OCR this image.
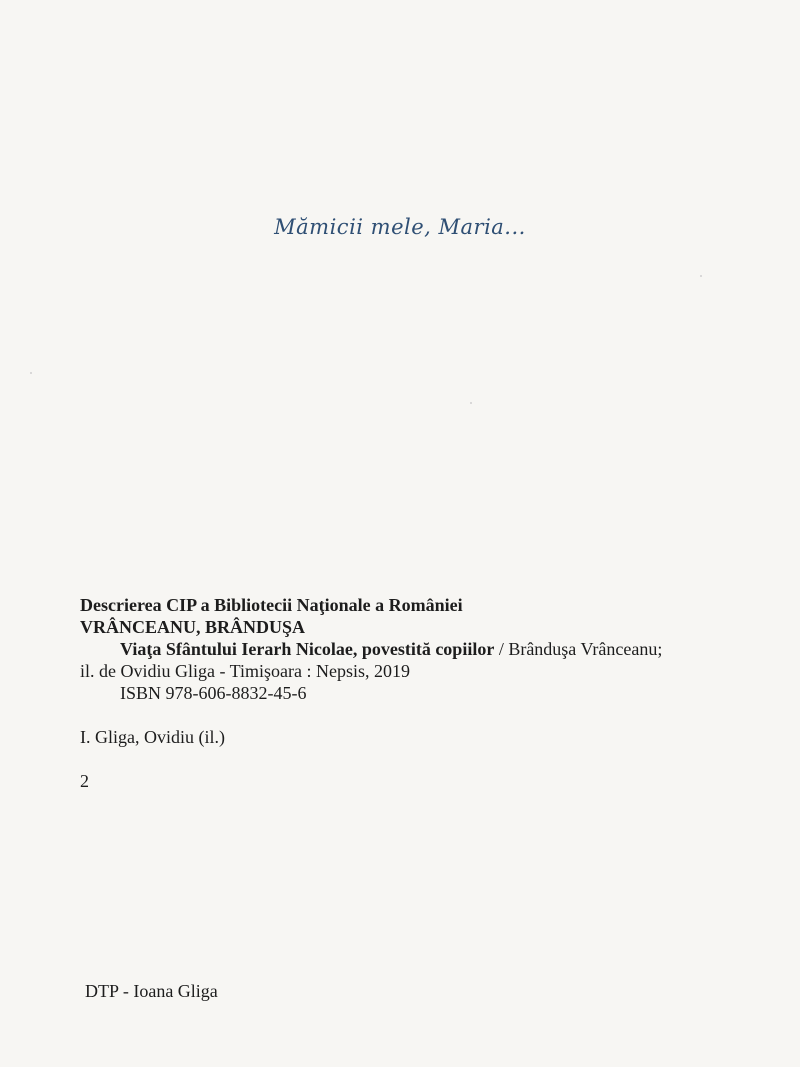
Mămicii mele, Maria...
Descrierea CIP a Bibliotecii Naţionale a României
VRÂNCEANU, BRÂNDUŞA
Viaţa Sfântului Ierarh Nicolae, povestită copiilor / Brânduşa Vrânceanu;
il. de Ovidiu Gliga - Timişoara : Nepsis, 2019
ISBN 978-606-8832-45-6
I. Gliga, Ovidiu (il.)
2
DTP - Ioana Gliga
